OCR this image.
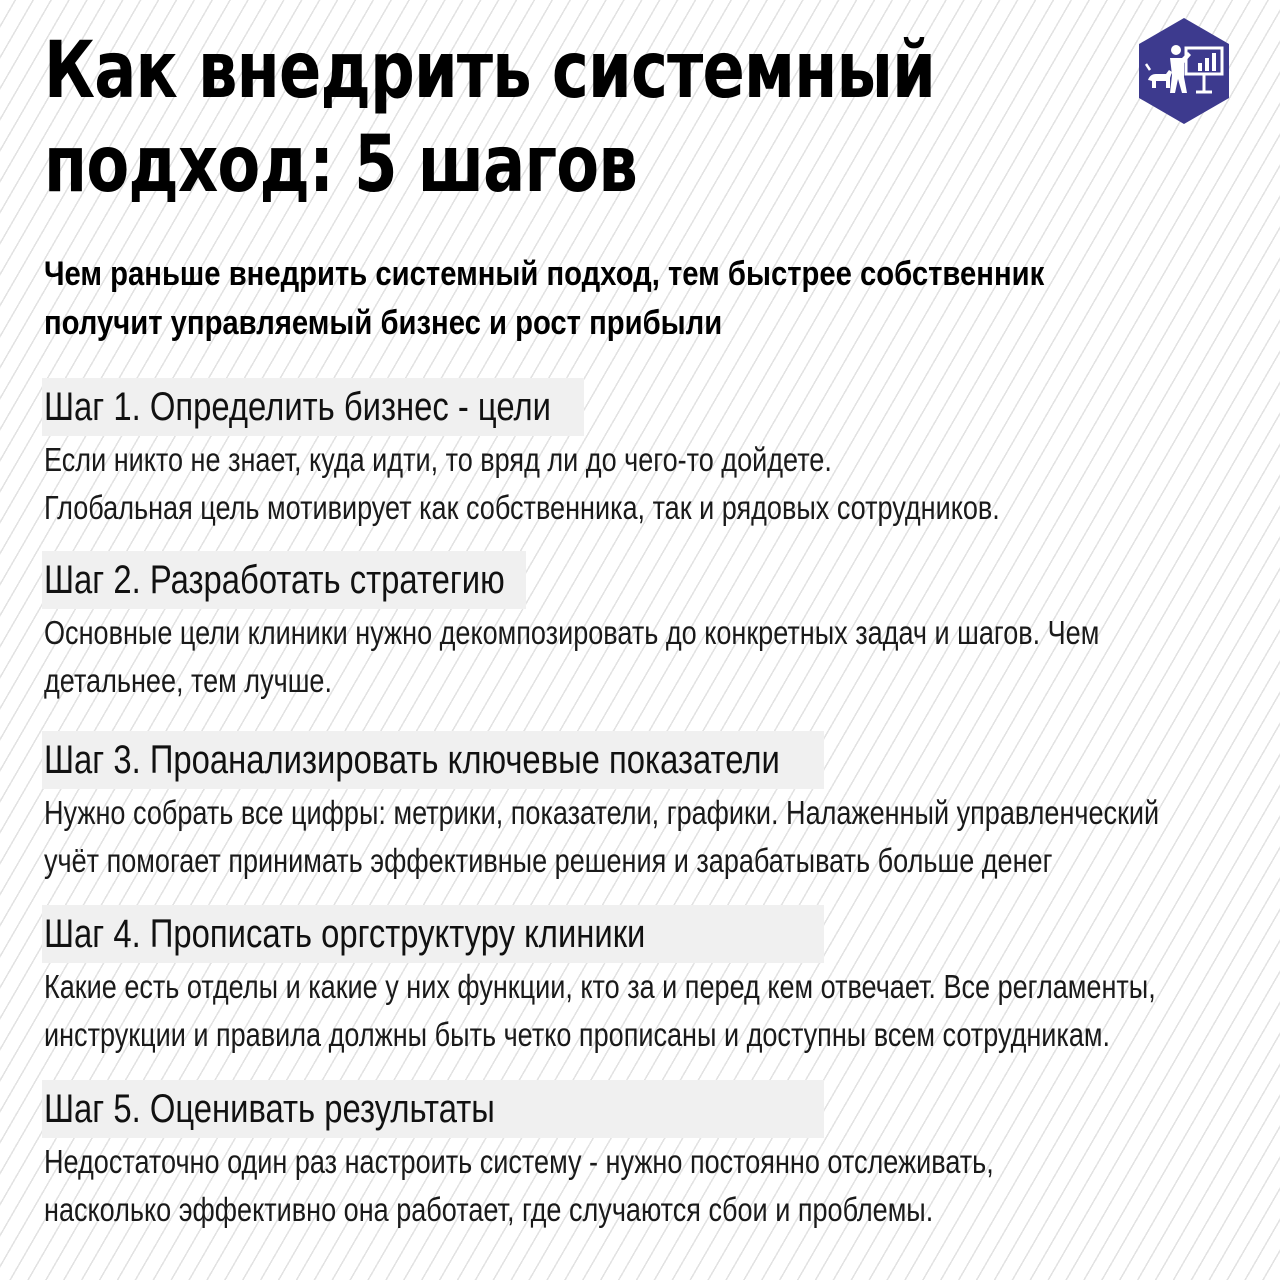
Как внедрить системный
подход: 5 шагов

Чем раньше внедрить системный подход, тем быстрее собственник
получит управляемый бизнес и рост прибыли

Шаг 1. Определить бизнес - цели

Если никто не знает, куда идти, то вряд ли до чего-то дойдете.
Глобальная цель мотивирует как собственника, так и рядовых сотрудников.

Шаг 2. Разработать стратегию

Основные цели клиники нужно декомпозировать до конкретных задач и шагов. Чем
детальнее, тем лучше.

Шаг 3. Проанализировать ключевые показатели

Нужно собрать все цифры: метрики, показатели, графики. Налаженный управленческий
учёт помогает принимать эффективные решения и зарабатывать больше денег

Шаг 4. Прописать оргструктуру клиники

Какие есть отделы и какие у них функции, кто за и перед кем отвечает. Все регламенты,
инструкции и правила должны быть четко прописаны и доступны всем сотрудникам.

Шаг 5. Оценивать результаты

Недостаточно один раз настроить систему - нужно постоянно отслеживать,
насколько эффективно она работает, где случаются сбои и проблемы.
